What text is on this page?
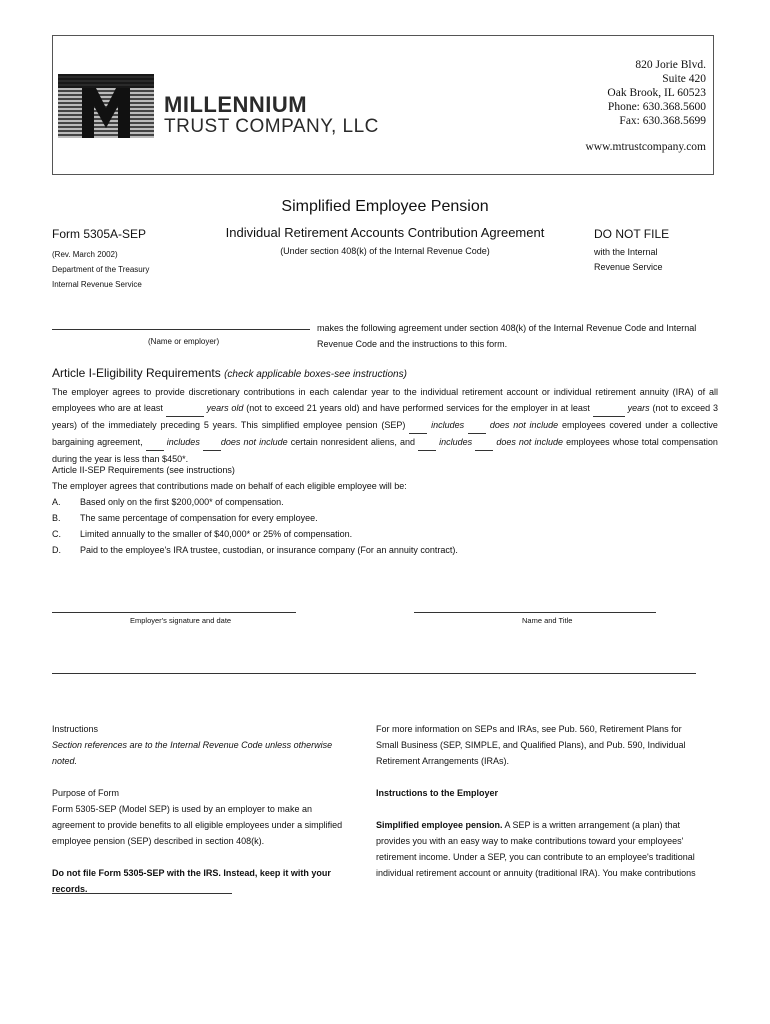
MILLENNIUM
TRUST COMPANY, LLC
820 Jorie Blvd.
Suite 420
Oak Brook, IL 60523
Phone: 630.368.5600
Fax: 630.368.5699
www.mtrustcompany.com
Simplified Employee Pension
Form 5305A-SEP	Individual Retirement Accounts Contribution Agreement	DO NOT FILE
(Under section 408(k) of the Internal Revenue Code)
(Rev. March 2002)
Department of the Treasury
Internal Revenue Service
with the Internal
Revenue Service
(Name or employer)
makes the following agreement under section 408(k) of the Internal Revenue Code and Internal Revenue Code and the instructions to this form.
Article I-Eligibility Requirements (check applicable boxes-see instructions)
The employer agrees to provide discretionary contributions in each calendar year to the individual retirement account or individual retirement annuity (IRA) of all employees who are at least	years old (not to exceed 21 years old) and have performed services for the employer in at least	years (not to exceed 3 years) of the immediately preceding 5 years. This simplified employee pension (SEP)	includes	does not include employees covered under a collective bargaining agreement,	includes does not include certain nonresident aliens, and	includes	does not include employees whose total compensation during the year is less than $450*.
Article II-SEP Requirements (see instructions)
The employer agrees that contributions made on behalf of each eligible employee will be:
A.	Based only on the first $200,000* of compensation.
B.	The same percentage of compensation for every employee.
C.	Limited annually to the smaller of $40,000* or 25% of compensation.
D.	Paid to the employee's IRA trustee, custodian, or insurance company (For an annuity contract).
Employer's signature and date	Name and Title

Instructions

Section references are to the Internal Revenue Code unless otherwise noted.

Purpose of Form

Form 5305-SEP (Model SEP) is used by an employer to make an agreement to provide benefits to all eligible employees under a simplified employee pension (SEP) described in section 408(k).

Do not file Form 5305-SEP with the IRS. Instead, keep it with your records.

For more information on SEPs and IRAs, see Pub. 560, Retirement Plans for Small Business (SEP, SIMPLE, and Qualified Plans), and Pub. 590, Individual Retirement Arrangements (IRAs).

Instructions to the Employer

Simplified employee pension. A SEP is a written arrangement (a plan) that provides you with an easy way to make contributions toward your employees' retirement income. Under a SEP, you can contribute to an employee's traditional individual retirement account or annuity (traditional IRA). You make contributions
